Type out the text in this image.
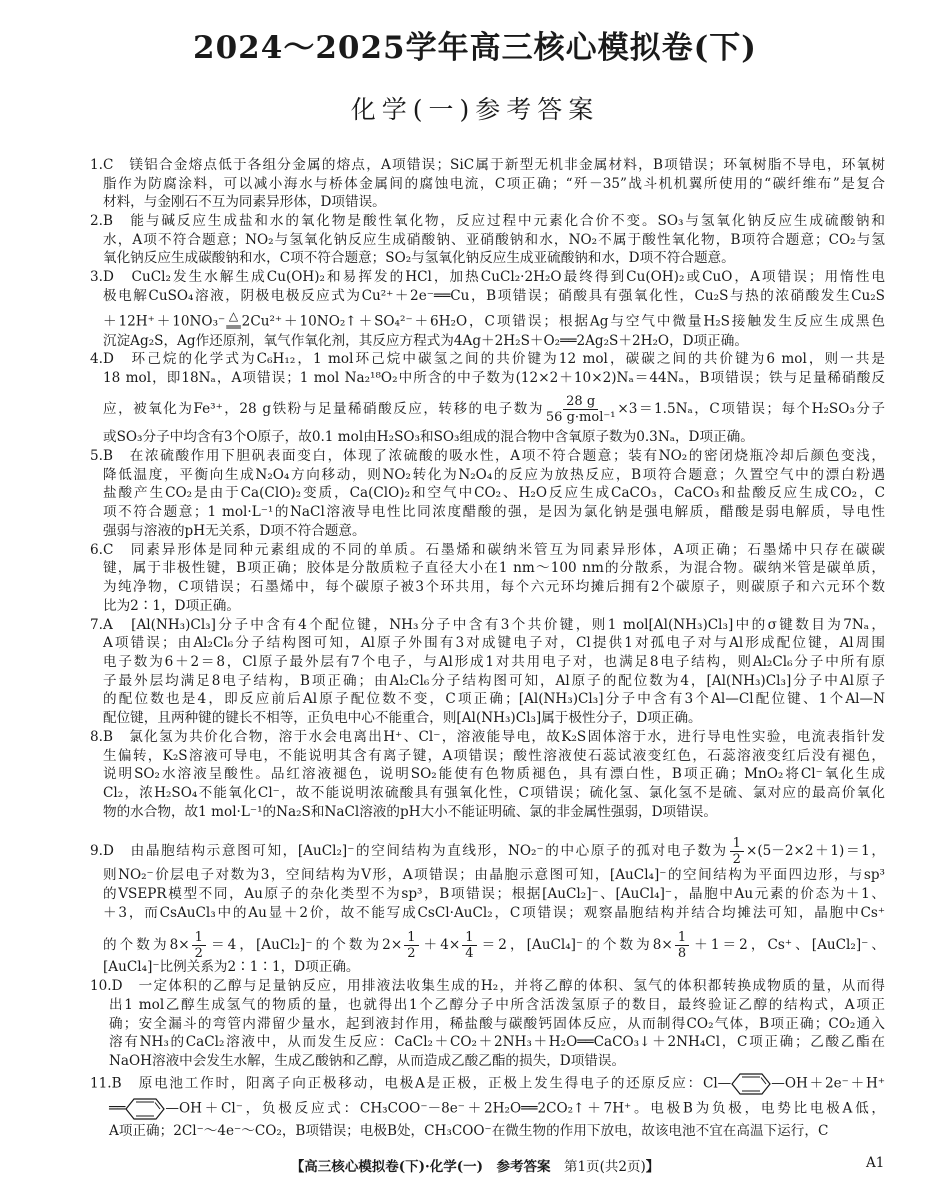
2024～2025学年高三核心模拟卷(下)
化学(一)参考答案
1.C　镁铝合金熔点低于各组分金属的熔点，A项错误；SiC属于新型无机非金属材料，B项错误；环氧树脂不导电，环氧树
脂作为防腐涂料，可以减小海水与桥体金属间的腐蚀电流，C项正确；“歼－35”战斗机机翼所使用的“碳纤维布”是复合
材料，与金刚石不互为同素异形体，D项错误。
2.B　能与碱反应生成盐和水的氧化物是酸性氧化物，反应过程中元素化合价不变。SO₃与氢氧化钠反应生成硫酸钠和
水，A项不符合题意；NO₂与氢氧化钠反应生成硝酸钠、亚硝酸钠和水，NO₂不属于酸性氧化物，B项符合题意；CO₂与氢
氧化钠反应生成碳酸钠和水，C项不符合题意；SO₂与氢氧化钠反应生成亚硫酸钠和水，D项不符合题意。
3.D　CuCl₂发生水解生成Cu(OH)₂和易挥发的HCl，加热CuCl₂·2H₂O最终得到Cu(OH)₂或CuO，A项错误；用惰性电
极电解CuSO₄溶液，阴极电极反应式为Cu²⁺＋2e⁻══Cu，B项错误；硝酸具有强氧化性，Cu₂S与热的浓硝酸发生Cu₂S
＋12H⁺＋10NO₃⁻ △
══ 2Cu²⁺＋10NO₂↑＋SO₄²⁻＋6H₂O，C项错误；根据Ag与空气中微量H₂S接触发生反应生成黑色
沉淀Ag₂S，Ag作还原剂，氧气作氧化剂，其反应方程式为4Ag＋2H₂S＋O₂══2Ag₂S＋2H₂O，D项正确。
4.D　环己烷的化学式为C₆H₁₂，1 mol环己烷中碳氢之间的共价键为12 mol，碳碳之间的共价键为6 mol，则一共是
18 mol，即18Nₐ，A项错误；1 mol Na₂¹⁸O₂中所含的中子数为(12×2＋10×2)Nₐ＝44Nₐ，B项错误；铁与足量稀硝酸反
应，被氧化为Fe³⁺，28 g铁粉与足量稀硝酸反应，转移的电子数为 $\frac{28 g}{\text{56 g·mol⁻¹}} \times 3=1.5N_a$，C项错误；每个H₂SO₃分子
或SO₃分子中均含有3个O原子，故0.1 mol由H₂SO₃和SO₃组成的混合物中含氧原子数为0.3Nₐ，D项正确。
5.B　在浓硫酸作用下胆矾表面变白，体现了浓硫酸的吸水性，A项不符合题意；装有NO₂的密闭烧瓶冷却后颜色变浅，
降低温度，平衡向生成N₂O₄方向移动，则NO₂转化为N₂O₄的反应为放热反应，B项符合题意；久置空气中的漂白粉遇
盐酸产生CO₂是由于Ca(ClO)₂变质，Ca(ClO)₂和空气中CO₂、H₂O反应生成CaCO₃，CaCO₃和盐酸反应生成CO₂，C
项不符合题意；1 mol·L⁻¹的NaCl溶液导电性比同浓度醋酸的强，是因为氯化钠是强电解质，醋酸是弱电解质，导电性
强弱与溶液的pH无关系，D项不符合题意。
6.C　同素异形体是同种元素组成的不同的单质。石墨烯和碳纳米管互为同素异形体，A项正确；石墨烯中只存在碳碳
键，属于非极性键，B项正确；胶体是分散质粒子直径大小在1 nm～100 nm的分散系，为混合物。碳纳米管是碳单质，
为纯净物，C项错误；石墨烯中，每个碳原子被3个环共用，每个六元环均摊后拥有2个碳原子，则碳原子和六元环个数
比为2∶1，D项正确。
7.A　[Al(NH₃)Cl₃]分子中含有4个配位键，NH₃分子中含有3个共价键，则1 mol[Al(NH₃)Cl₃]中的σ键数目为7Nₐ，
A项错误；由Al₂Cl₆分子结构图可知，Al原子外围有3对成键电子对，Cl提供1对孤电子对与Al形成配位键，Al周围
电子数为6＋2＝8，Cl原子最外层有7个电子，与Al形成1对共用电子对，也满足8电子结构，则Al₂Cl₆分子中所有原
子最外层均满足8电子结构，B项正确；由Al₂Cl₆分子结构图可知，Al原子的配位数为4，[Al(NH₃)Cl₃]分子中Al原子
的配位数也是4，即反应前后Al原子配位数不变，C项正确；[Al(NH₃)Cl₃]分子中含有3个Al—Cl配位键、1个Al—N
配位键，且两种键的键长不相等，正负电中心不能重合，则[Al(NH₃)Cl₃]属于极性分子，D项正确。
8.B　氯化氢为共价化合物，溶于水会电离出H⁺、Cl⁻，溶液能导电，故K₂S固体溶于水，进行导电性实验，电流表指针发
生偏转，K₂S溶液可导电，不能说明其含有离子键，A项错误；酸性溶液使石蕊试液变红色，石蕊溶液变红后没有褪色，
说明SO₂水溶液呈酸性。品红溶液褪色，说明SO₂能使有色物质褪色，具有漂白性，B项正确；MnO₂将Cl⁻氧化生成
Cl₂，浓H₂SO₄不能氧化Cl⁻，故不能说明浓硫酸具有强氧化性，C项错误；硫化氢、氯化氢不是硫、氯对应的最高价氧化
物的水合物，故1 mol·L⁻¹的Na₂S和NaCl溶液的pH大小不能证明硫、氯的非金属性强弱，D项错误。
9.D　由晶胞结构示意图可知，[AuCl₂]⁻的空间结构为直线形，NO₂⁻的中心原子的孤对电子数为 $\frac{1}{2} \times(5-2\times 2+1)=1$，
则NO₂⁻价层电子对数为3，空间结构为V形，A项错误；由晶胞示意图可知，[AuCl₄]⁻的空间结构为平面四边形，与sp³
的VSEPR模型不同，Au原子的杂化类型不为sp³，B项错误；根据[AuCl₂]⁻、[AuCl₄]⁻，晶胞中Au元素的价态为＋1、
＋3，而CsAuCl₃中的Au显＋2价，故不能写成CsCl·AuCl₂，C项错误；观察晶胞结构并结合均摊法可知，晶胞中Cs⁺
的个数为$8\times \frac{1}{2} =4$，[AuCl₂]⁻的个数为$2\times \frac{1}{2} +4\times \frac{1}{4} =2$，[AuCl₄]⁻的个数为$8\times \frac{1}{8} +1=2$，Cs⁺、[AuCl₂]⁻、
[AuCl₄]⁻比例关系为2∶1∶1，D项正确。
10.D　一定体积的乙醇与足量钠反应，用排液法收集生成的H₂，并将乙醇的体积、氢气的体积都转换成物质的量，从而得
出1 mol乙醇生成氢气的物质的量，也就得出1个乙醇分子中所含活泼氢原子的数目，最终验证乙醇的结构式，A项正
确；安全漏斗的弯管内滞留少量水，起到液封作用，稀盐酸与碳酸钙固体反应，从而制得CO₂气体，B项正确；CO₂通入
溶有NH₃的CaCl₂溶液中，从而发生反应：CaCl₂＋CO₂＋2NH₃＋H₂O══CaCO₃↓＋2NH₄Cl，C项正确；乙酸乙酯在
NaOH溶液中会发生水解，生成乙酸钠和乙醇，从而造成乙酸乙酯的损失，D项错误。
11.B　原电池工作时，阳离子向正极移动，电极A是正极，正极上发生得电子的还原反应：Cl—	—OH＋2e⁻＋H⁺
══	—OH＋Cl⁻，负极反应式：CH₃COO⁻－8e⁻＋2H₂O══2CO₂↑＋7H⁺。电极B为负极，电势比电极A低，
A项正确；2Cl⁻～4e⁻～CO₂，B项错误；电极B处，CH₃COO⁻在微生物的作用下放电，故该电池不宜在高温下运行，C
【高三核心模拟卷(下)·化学(一)　参考答案　第1页(共2页)】	A1
